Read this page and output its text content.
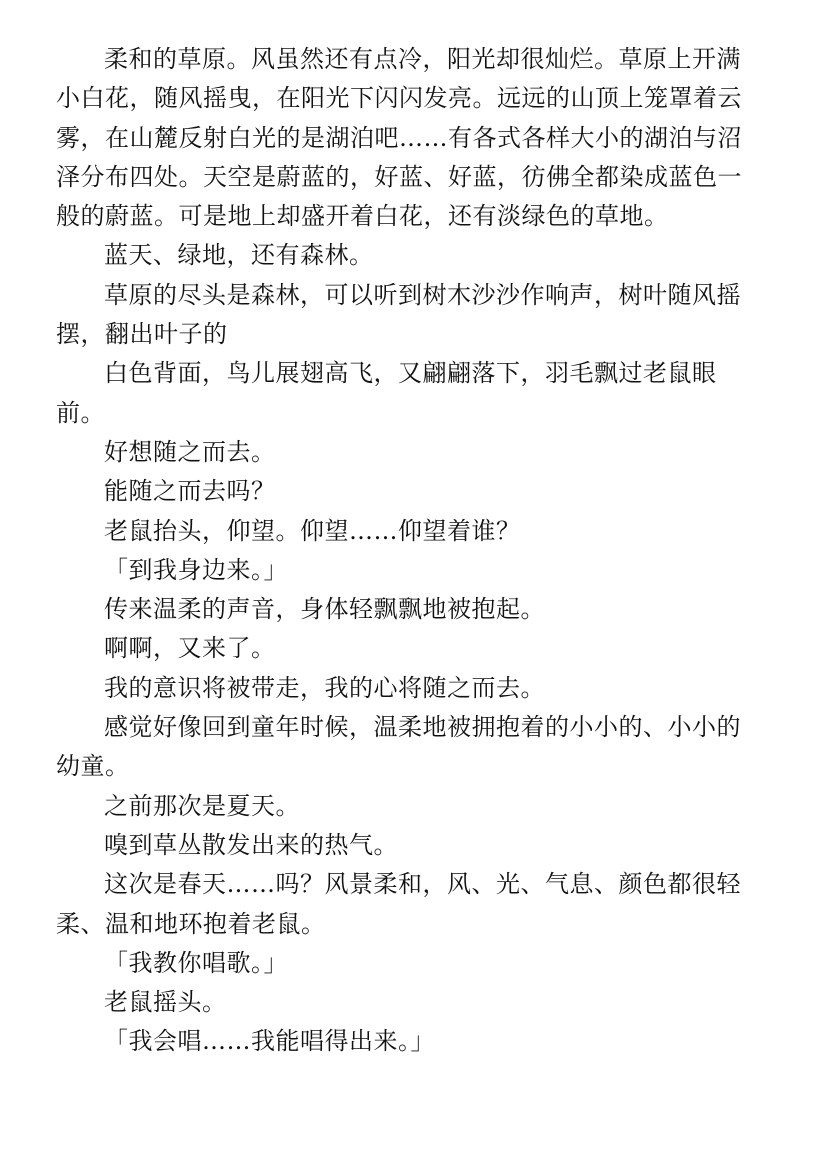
柔和的草原。风虽然还有点冷，阳光却很灿烂。草原上开满小白花，随风摇曳，在阳光下闪闪发亮。远远的山顶上笼罩着云雾，在山麓反射白光的是湖泊吧……有各式各样大小的湖泊与沼泽分布四处。天空是蔚蓝的，好蓝、好蓝，彷佛全都染成蓝色一般的蔚蓝。可是地上却盛开着白花，还有淡绿色的草地。

蓝天、绿地，还有森林。

草原的尽头是森林，可以听到树木沙沙作响声，树叶随风摇摆，翻出叶子的

白色背面，鸟儿展翅高飞，又翩翩落下，羽毛飘过老鼠眼前。

好想随之而去。

能随之而去吗？

老鼠抬头，仰望。仰望……仰望着谁？

「到我身边来。」

传来温柔的声音，身体轻飘飘地被抱起。

啊啊，又来了。

我的意识将被带走，我的心将随之而去。

感觉好像回到童年时候，温柔地被拥抱着的小小的、小小的幼童。

之前那次是夏天。

嗅到草丛散发出来的热气。

这次是春天……吗？风景柔和，风、光、气息、颜色都很轻柔、温和地环抱着老鼠。

「我教你唱歌。」

老鼠摇头。

「我会唱……我能唱得出来。」
